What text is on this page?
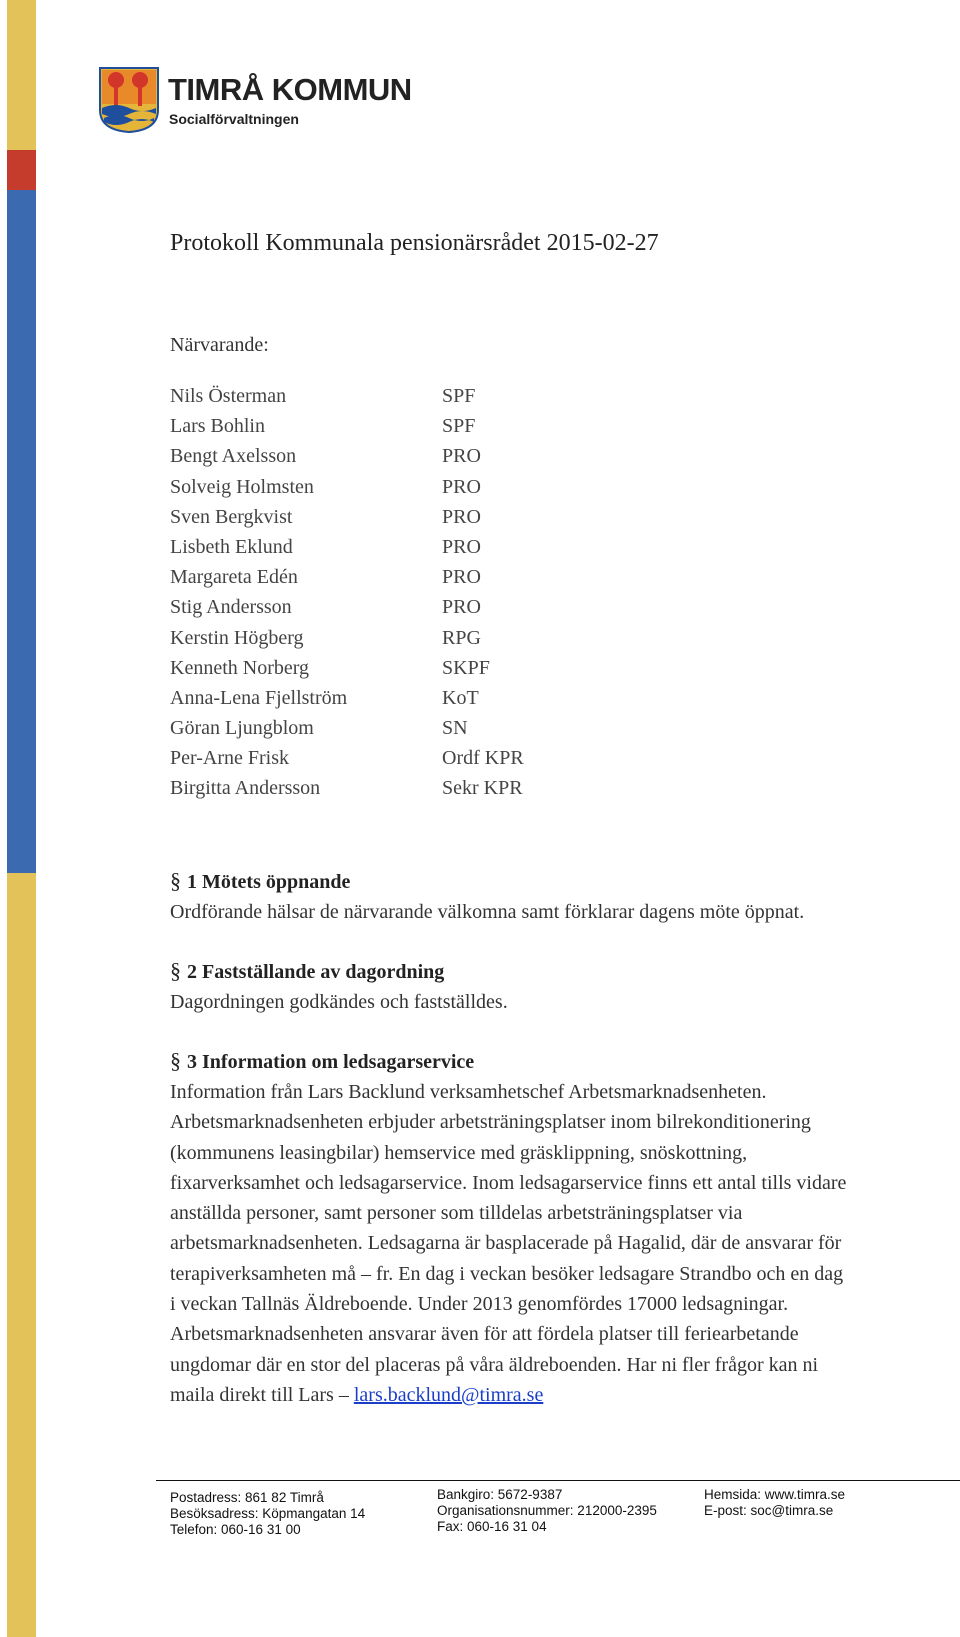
TIMRÅ KOMMUN
Socialförvaltningen
Protokoll Kommunala pensionärsrådet 2015-02-27
Närvarande:
Nils Österman	SPF
Lars Bohlin	SPF
Bengt Axelsson	PRO
Solveig Holmsten	PRO
Sven Bergkvist	PRO
Lisbeth Eklund	PRO
Margareta Edén	PRO
Stig Andersson	PRO
Kerstin Högberg	RPG
Kenneth Norberg	SKPF
Anna-Lena Fjellström	KoT
Göran Ljungblom	SN
Per-Arne Frisk	Ordf KPR
Birgitta Andersson	Sekr KPR
§ 1 Mötets öppnande

Ordförande hälsar de närvarande välkomna samt förklarar dagens möte öppnat.

§ 2 Fastställande av dagordning

Dagordningen godkändes och fastställdes.

§ 3 Information om ledsagarservice

Information från Lars Backlund verksamhetschef Arbetsmarknadsenheten.

Arbetsmarknadsenheten erbjuder arbetsträningsplatser inom bilrekonditionering

(kommunens leasingbilar) hemservice med gräsklippning, snöskottning,

fixarverksamhet och ledsagarservice. Inom ledsagarservice finns ett antal tills vidare

anställda personer, samt personer som tilldelas arbetsträningsplatser via

arbetsmarknadsenheten. Ledsagarna är basplacerade på Hagalid, där de ansvarar för

terapiverksamheten må – fr. En dag i veckan besöker ledsagare Strandbo och en dag

i veckan Tallnäs Äldreboende. Under 2013 genomfördes 17000 ledsagningar.

Arbetsmarknadsenheten ansvarar även för att fördela platser till feriearbetande

ungdomar där en stor del placeras på våra äldreboenden. Har ni fler frågor kan ni

maila direkt till Lars – lars.backlund@timra.se

Postadress: 861 82 Timrå
Besöksadress: Köpmangatan 14
Telefon: 060-16 31 00
Bankgiro: 5672-9387
Organisationsnummer: 212000-2395
Fax: 060-16 31 04
Hemsida: www.timra.se
E-post: soc@timra.se
